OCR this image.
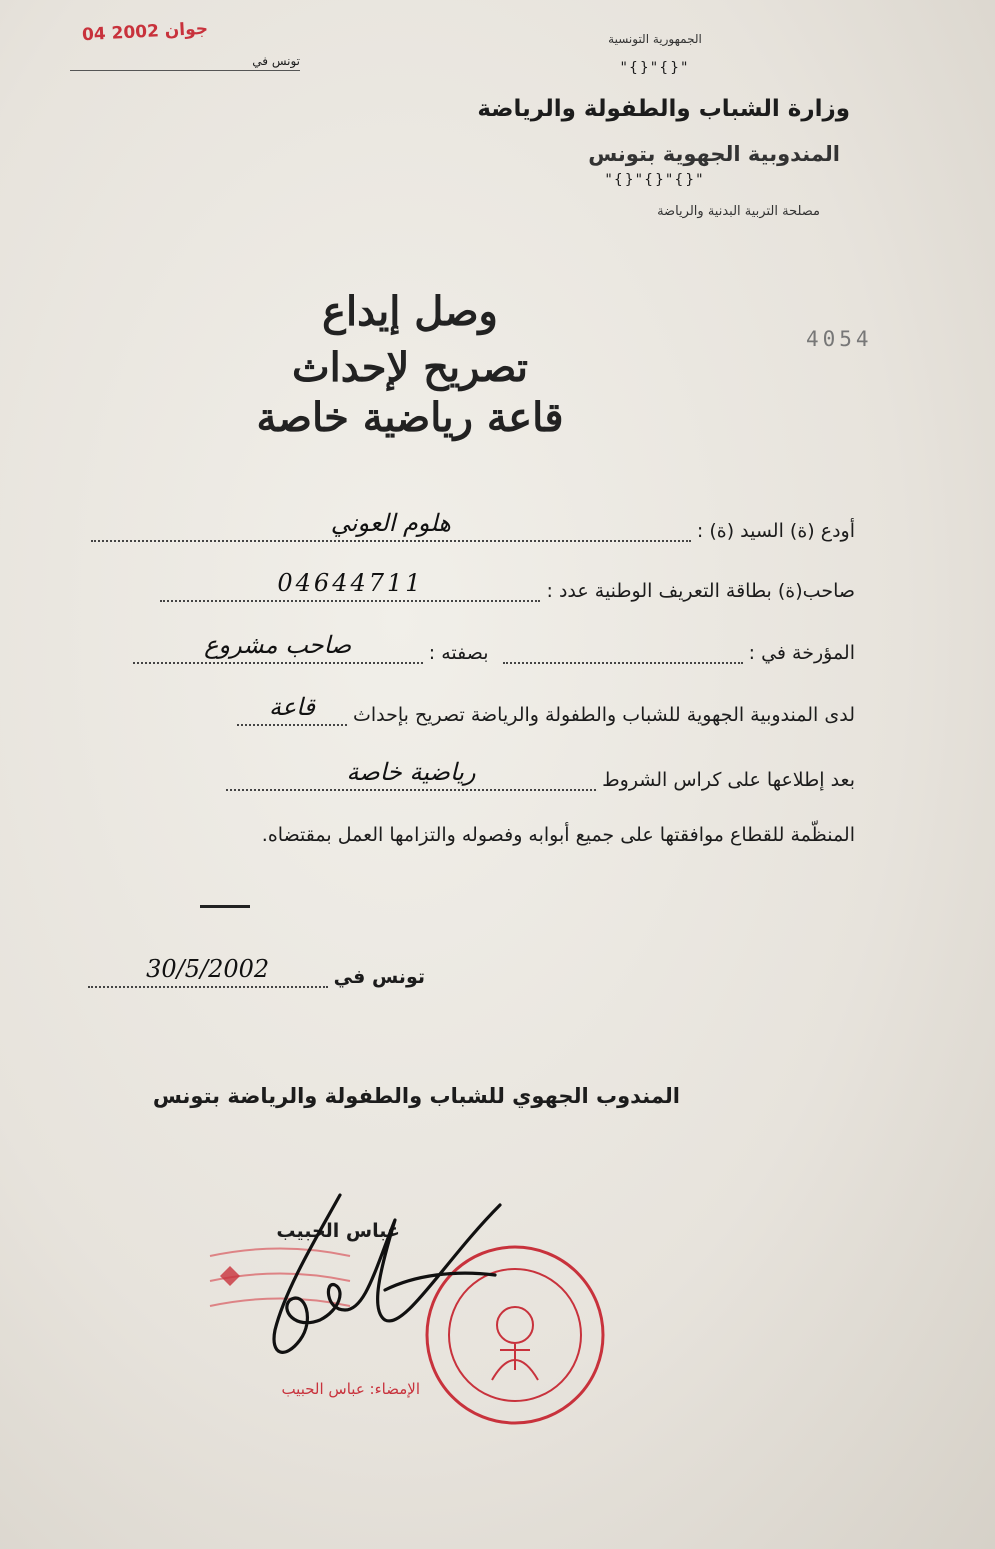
04 جوان 2002
تونس في
الجمهورية التونسية
"{}"{}"
وزارة الشباب والطفولة والرياضة
المندوبية الجهوية بتونس
"{}"{}"{}"
مصلحة التربية البدنية والرياضة
4054
وصل إيداع
تصريح لإحداث
قاعة رياضية خاصة
أودع (ة) السيد (ة) : هلوم العوني
صاحب(ة) بطاقة التعريف الوطنية عدد : 04644711
المؤرخة في :  بصفته : صاحب مشروع
لدى المندوبية الجهوية للشباب والطفولة والرياضة تصريح بإحداث قاعة
بعد إطلاعها على كراس الشروط رياضية خاصة
المنظّمة للقطاع موافقتها على جميع أبوابه وفصوله والتزامها العمل بمقتضاه.
تونس في 30/5/2002
المندوب الجهوي للشباب والطفولة والرياضة بتونس
عباس الحبيب
الإمضاء: عباس الحبيب
